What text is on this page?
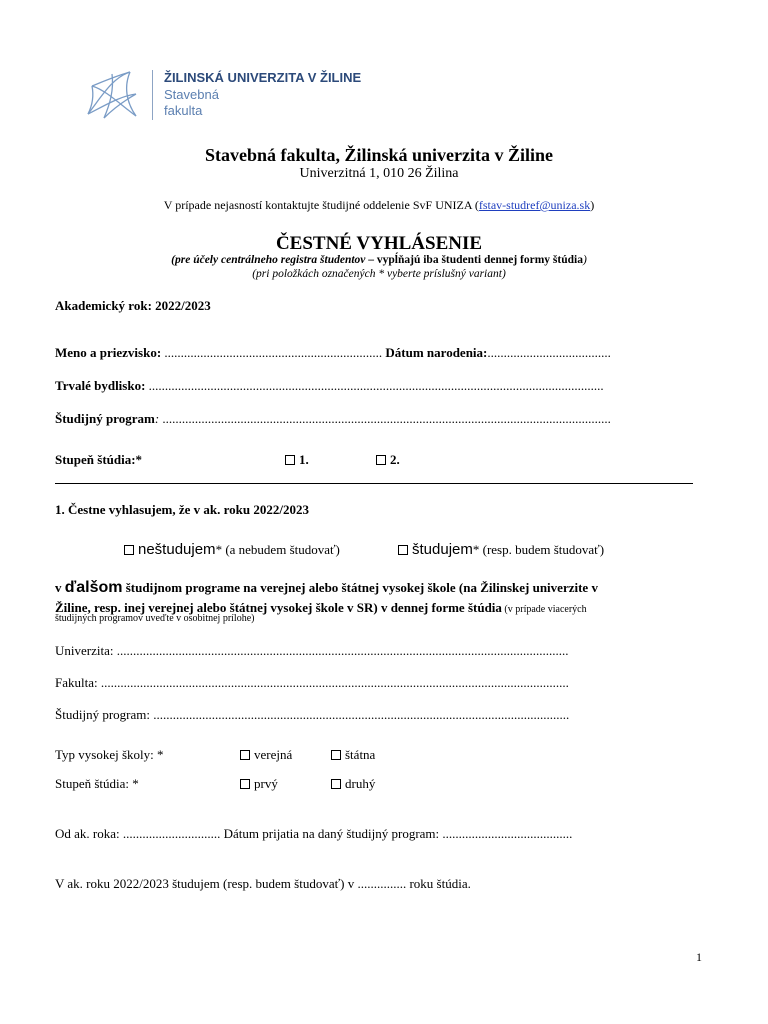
ŽILINSKÁ UNIVERZITA V ŽILINE
Stavebná
fakulta
Stavebná fakulta, Žilinská univerzita v Žiline
Univerzitná 1, 010 26 Žilina
V prípade nejasností kontaktujte študijné oddelenie SvF UNIZA (fstav-studref@uniza.sk)
ČESTNÉ VYHLÁSENIE
(pre účely centrálneho registra študentov – vypĺňajú iba študenti dennej formy štúdia)
(pri položkách označených * vyberte príslušný variant)
Akademický rok: 2022/2023
Meno a priezvisko: ................................................................... Dátum narodenia:......................................
Trvalé bydlisko: ............................................................................................................................................
Študijný program: ..........................................................................................................................................
Stupeň štúdia:*	1.	2.
1. Čestne vyhlasujem, že v ak. roku 2022/2023
neštudujem* (a nebudem študovať)	študujem* (resp. budem študovať)
v ďalšom študijnom programe na verejnej alebo štátnej vysokej škole (na Žilinskej univerzite v
Žiline, resp. inej verejnej alebo štátnej vysokej škole v SR) v dennej forme štúdia (v prípade viacerých
študijných programov uveďte v osobitnej prílohe)
Univerzita: ...........................................................................................................................................
Fakulta: ................................................................................................................................................
Študijný program: ................................................................................................................................
Typ vysokej školy: *	verejná	štátna
Stupeň štúdia: *	prvý	druhý
Od ak. roka: .............................. Dátum prijatia na daný študijný program: ........................................
V ak. roku 2022/2023 študujem (resp. budem študovať) v ............... roku štúdia.
1
